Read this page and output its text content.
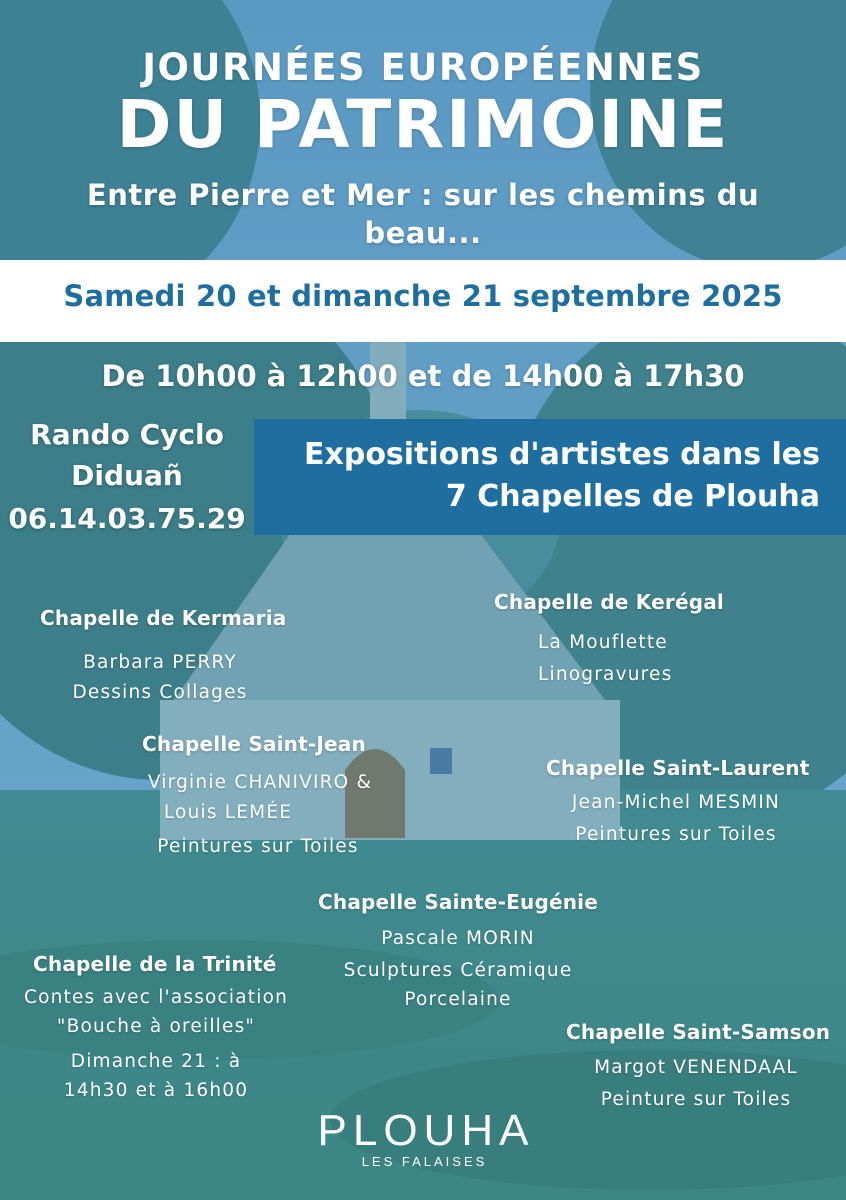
JOURNÉES EUROPÉENNES
DU PATRIMOINE
Entre Pierre et Mer : sur les chemins du
beau...
Samedi 20 et dimanche 21 septembre 2025
De 10h00 à 12h00 et de 14h00 à 17h30
Rando Cyclo
Diduañ
06.14.03.75.29
Expositions d'artistes dans les
7 Chapelles de Plouha
Chapelle de Kermaria
Barbara PERRY
Dessins Collages
Chapelle de Kerégal
La Mouflette
Linogravures
Chapelle Saint-Jean
Virginie CHANIVIRO &
Louis LEMÉE
Peintures sur Toiles
Chapelle Saint-Laurent
Jean-Michel MESMIN
Peintures sur Toiles
Chapelle Sainte-Eugénie
Pascale MORIN
Sculptures Céramique
Porcelaine
Chapelle de la Trinité
Contes avec l'association
"Bouche à oreilles"
Dimanche 21 : à
14h30 et à 16h00
Chapelle Saint-Samson
Margot VENENDAAL
Peinture sur Toiles
PLOUHA
LES FALAISES
